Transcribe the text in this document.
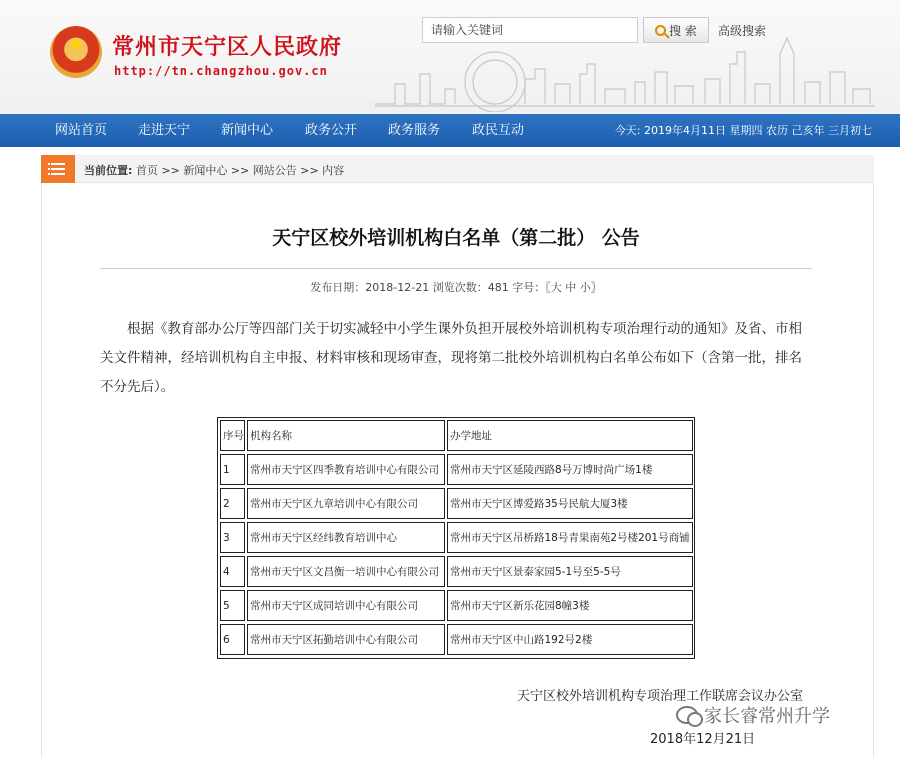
★	常州市天宁区人民政府
http://tn.changzhou.gov.cn
请输入关键词	搜 索 高级搜索
网站首页 走进天宁 新闻中心 政务公开 政务服务 政民互动	今天: 2019年4月11日 星期四 农历 己亥年 三月初七
当前位置: 首页 >> 新闻中心 >> 网站公告 >> 内容
天宁区校外培训机构白名单（第二批） 公告
发布日期：2018-12-21 浏览次数：481 字号：〖大 中 小〗
根据《教育部办公厅等四部门关于切实减轻中小学生课外负担开展校外培训机构专项治理行动的通知》及省、市相关文件精神，经培训机构自主申报、材料审核和现场审查，现将第二批校外培训机构白名单公布如下（含第一批，排名不分先后）。
序号 机构名称	办学地址
1	常州市天宁区四季教育培训中心有限公司	常州市天宁区延陵西路8号万博时尚广场1楼
2	常州市天宁区九章培训中心有限公司	常州市天宁区博爱路35号民航大厦3楼
3	常州市天宁区经纬教育培训中心	常州市天宁区吊桥路18号青果南苑2号楼201号商铺
4	常州市天宁区文昌衡一培训中心有限公司	常州市天宁区景泰家园5-1号至5-5号
5	常州市天宁区成同培训中心有限公司	常州市天宁区新乐花园8幢3楼
6	常州市天宁区拓勤培训中心有限公司	常州市天宁区中山路192号2楼
天宁区校外培训机构专项治理工作联席会议办公室
家长睿常州升学
2018年12月21日
